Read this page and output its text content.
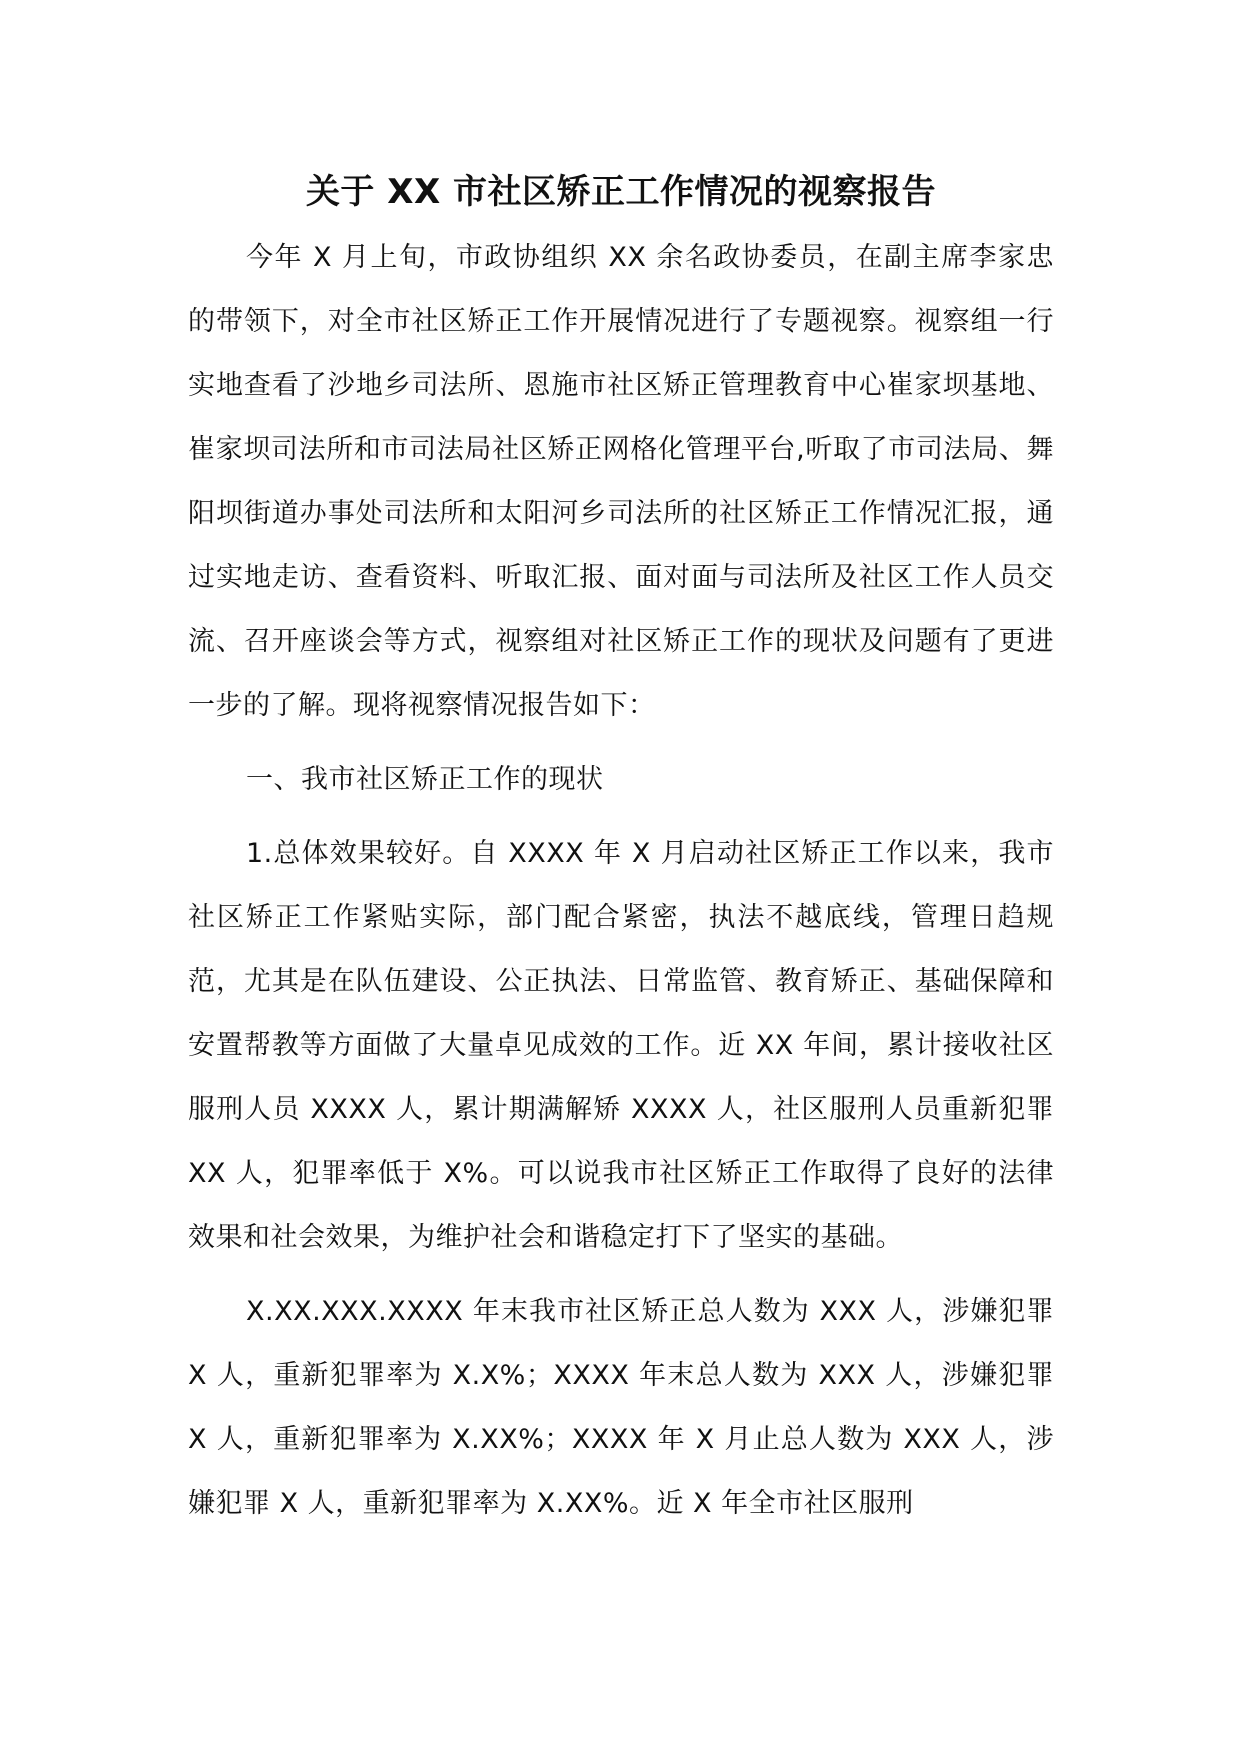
关于 XX 市社区矫正工作情况的视察报告

今年 X 月上旬，市政协组织 XX 余名政协委员，在副主席李家忠的带领下，对全市社区矫正工作开展情况进行了专题视察。视察组一行实地查看了沙地乡司法所、恩施市社区矫正管理教育中心崔家坝基地、崔家坝司法所和市司法局社区矫正网格化管理平台,听取了市司法局、舞阳坝街道办事处司法所和太阳河乡司法所的社区矫正工作情况汇报，通过实地走访、查看资料、听取汇报、面对面与司法所及社区工作人员交流、召开座谈会等方式，视察组对社区矫正工作的现状及问题有了更进一步的了解。现将视察情况报告如下：

一、我市社区矫正工作的现状

1.总体效果较好。自 XXXX 年 X 月启动社区矫正工作以来，我市社区矫正工作紧贴实际，部门配合紧密，执法不越底线，管理日趋规范，尤其是在队伍建设、公正执法、日常监管、教育矫正、基础保障和安置帮教等方面做了大量卓见成效的工作。近 XX 年间，累计接收社区服刑人员 XXXX 人，累计期满解矫 XXXX 人，社区服刑人员重新犯罪 XX 人，犯罪率低于 X%。可以说我市社区矫正工作取得了良好的法律效果和社会效果，为维护社会和谐稳定打下了坚实的基础。

X.XX.XXX.XXXX 年末我市社区矫正总人数为 XXX 人，涉嫌犯罪 X 人，重新犯罪率为 X.X%；XXXX 年末总人数为 XXX 人，涉嫌犯罪 X 人，重新犯罪率为 X.XX%；XXXX 年 X 月止总人数为 XXX 人，涉嫌犯罪 X 人，重新犯罪率为 X.XX%。近 X 年全市社区服刑
